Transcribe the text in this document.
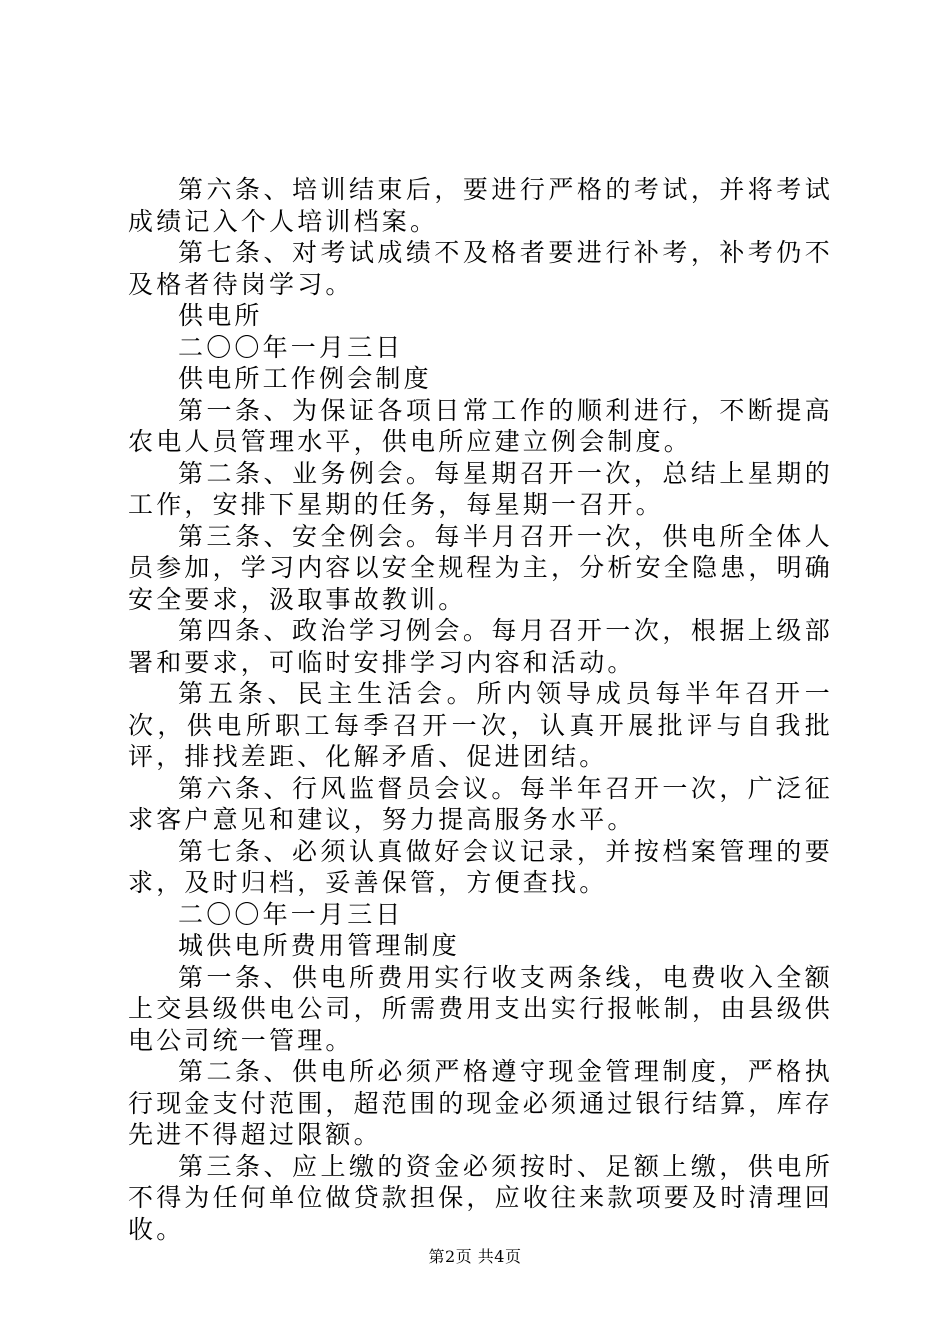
第六条、培训结束后，要进行严格的考试，并将考试成绩记入个人培训档案。

第七条、对考试成绩不及格者要进行补考，补考仍不及格者待岗学习。

供电所

二〇〇年一月三日

供电所工作例会制度

第一条、为保证各项日常工作的顺利进行，不断提高农电人员管理水平，供电所应建立例会制度。

第二条、业务例会。每星期召开一次，总结上星期的工作，安排下星期的任务，每星期一召开。

第三条、安全例会。每半月召开一次，供电所全体人员参加，学习内容以安全规程为主，分析安全隐患，明确安全要求，汲取事故教训。

第四条、政治学习例会。每月召开一次，根据上级部署和要求，可临时安排学习内容和活动。

第五条、民主生活会。所内领导成员每半年召开一次，供电所职工每季召开一次，认真开展批评与自我批评，排找差距、化解矛盾、促进团结。

第六条、行风监督员会议。每半年召开一次，广泛征求客户意见和建议，努力提高服务水平。

第七条、必须认真做好会议记录，并按档案管理的要求，及时归档，妥善保管，方便查找。

二〇〇年一月三日

城供电所费用管理制度

第一条、供电所费用实行收支两条线，电费收入全额上交县级供电公司，所需费用支出实行报帐制，由县级供电公司统一管理。

第二条、供电所必须严格遵守现金管理制度，严格执行现金支付范围，超范围的现金必须通过银行结算，库存先进不得超过限额。

第三条、应上缴的资金必须按时、足额上缴，供电所不得为任何单位做贷款担保，应收往来款项要及时清理回收。

第2页 共4页
